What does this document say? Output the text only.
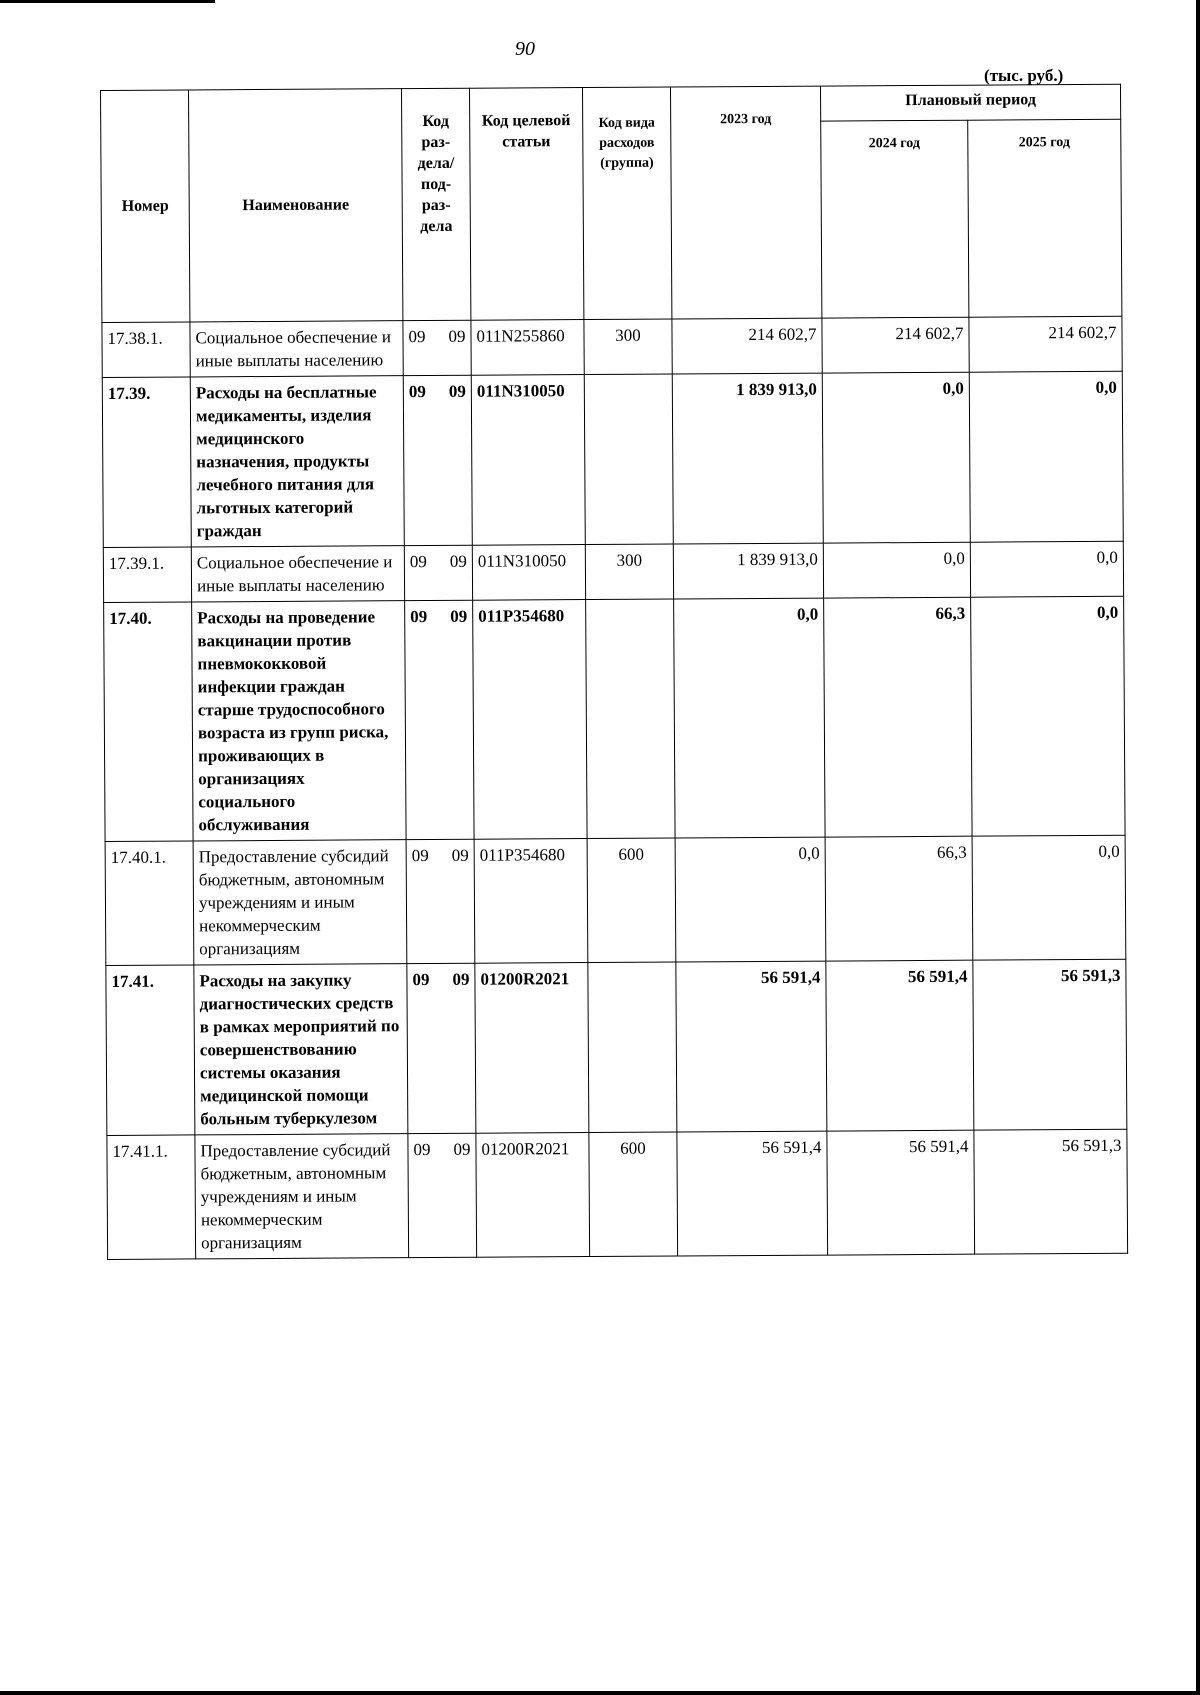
90
(тыс. руб.)
Номер	Наименование	Код раз-дела/ под-раз-дела	Код целевой статьи	Код вида расходов (группа)	2023 год	Плановый период	
						2024 год	2025 год
17.38.1.	Социальное обеспечение и иные выплаты населению	09 09	011N255860	300	214 602,7	214 602,7	214 602,7
17.39.	Расходы на бесплатные медикаменты, изделия медицинского назначения, продукты лечебного питания для льготных категорий граждан	09 09	011N310050		1 839 913,0	0,0	0,0
17.39.1.	Социальное обеспечение и иные выплаты населению	09 09	011N310050	300	1 839 913,0	0,0	0,0
17.40.	Расходы на проведение вакцинации против пневмококковой инфекции граждан старше трудоспособного возраста из групп риска, проживающих в организациях социального обслуживания	09 09	011Р354680		0,0	66,3	0,0
17.40.1.	Предоставление субсидий бюджетным, автономным учреждениям и иным некоммерческим организациям	09 09	011Р354680	600	0,0	66,3	0,0
17.41.	Расходы на закупку диагностических средств в рамках мероприятий по совершенствованию системы оказания медицинской помощи больным туберкулезом	09 09	01200R2021		56 591,4	56 591,4	56 591,3
17.41.1.	Предоставление субсидий бюджетным, автономным учреждениям и иным некоммерческим организациям	09 09	01200R2021	600	56 591,4	56 591,4	56 591,3
